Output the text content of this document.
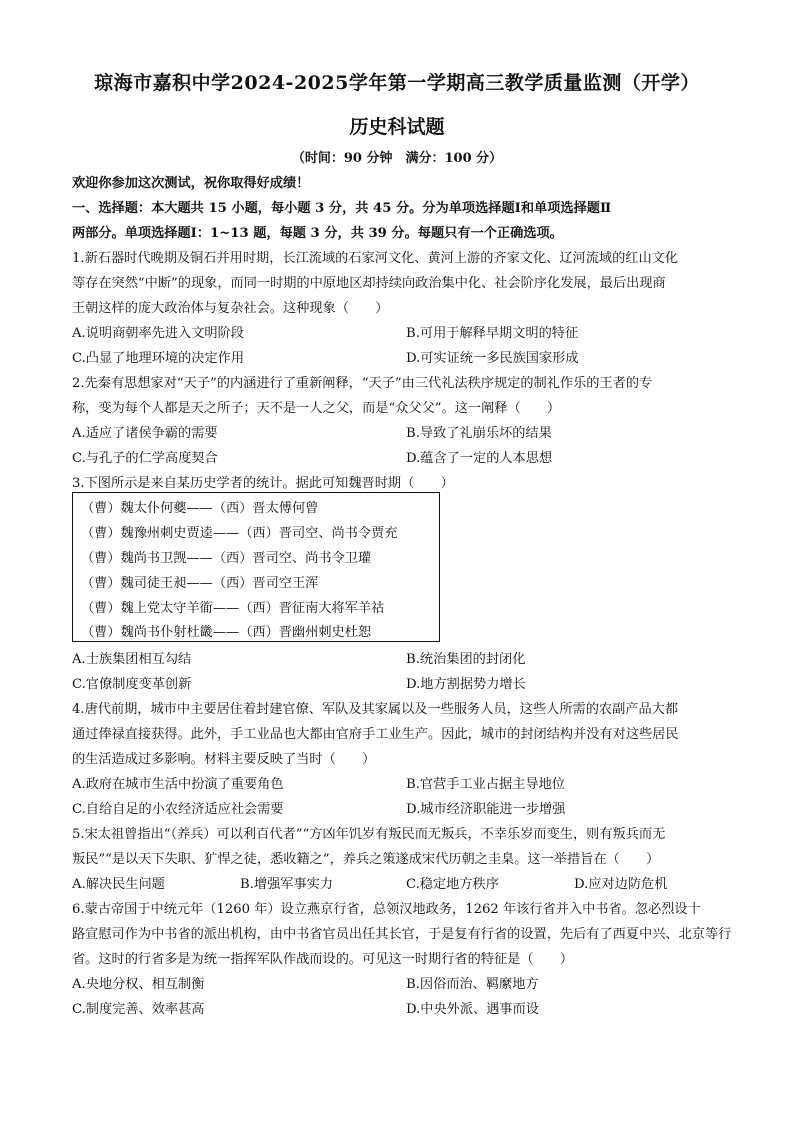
琼海市嘉积中学2024-2025学年第一学期高三教学质量监测（开学）
历史科试题
（时间：90 分钟　满分：100 分）
欢迎你参加这次测试，祝你取得好成绩！
一、选择题：本大题共 15 小题，每小题 3 分，共 45 分。分为单项选择题Ⅰ和单项选择题Ⅱ
两部分。单项选择题Ⅰ：1~13 题，每题 3 分，共 39 分。每题只有一个正确选项。
1.新石器时代晚期及铜石并用时期，长江流域的石家河文化、黄河上游的齐家文化、辽河流域的红山文化
等存在突然“中断”的现象，而同一时期的中原地区却持续向政治集中化、社会阶序化发展，最后出现商
王朝这样的庞大政治体与复杂社会。这种现象（　　）
A.说明商朝率先进入文明阶段	B.可用于解释早期文明的特征
C.凸显了地理环境的决定作用	D.可实证统一多民族国家形成
2.先秦有思想家对“天子”的内涵进行了重新阐释，“天子”由三代礼法秩序规定的制礼作乐的王者的专
称，变为每个人都是天之所子；天不是一人之父，而是“众父父”。这一阐释（　　）
A.适应了诸侯争霸的需要	B.导致了礼崩乐坏的结果
C.与孔子的仁学高度契合	D.蕴含了一定的人本思想
3.下图所示是来自某历史学者的统计。据此可知魏晋时期（　　）
（曹）魏太仆何夔——（西）晋太傅何曾
（曹）魏豫州刺史贾逵——（西）晋司空、尚书令贾充
（曹）魏尚书卫觊——（西）晋司空、尚书令卫瓘
（曹）魏司徒王昶——（西）晋司空王浑
（曹）魏上党太守羊衜——（西）晋征南大将军羊祜
（曹）魏尚书仆射杜畿——（西）晋幽州刺史杜恕
A.士族集团相互勾结	B.统治集团的封闭化
C.官僚制度变革创新	D.地方割据势力增长
4.唐代前期，城市中主要居住着封建官僚、军队及其家属以及一些服务人员，这些人所需的农副产品大都
通过俸禄直接获得。此外，手工业品也大都由官府手工业生产。因此，城市的封闭结构并没有对这些居民
的生活造成过多影响。材料主要反映了当时（　　）
A.政府在城市生活中扮演了重要角色	B.官营手工业占据主导地位
C.自给自足的小农经济适应社会需要	D.城市经济职能进一步增强
5.宋太祖曾指出“（养兵）可以利百代者”“方凶年饥岁有叛民而无叛兵，不幸乐岁而变生，则有叛兵而无
叛民”“是以天下失职、犷悍之徒，悉收籍之”，养兵之策遂成宋代历朝之圭臬。这一举措旨在（　　）
A.解决民生问题	B.增强军事实力	C.稳定地方秩序	D.应对边防危机
6.蒙古帝国于中统元年（1260 年）设立燕京行省，总领汉地政务，1262 年该行省并入中书省。忽必烈设十
路宣慰司作为中书省的派出机构，由中书省官员出任其长官，于是复有行省的设置，先后有了西夏中兴、北京等行
省。这时的行省多是为统一指挥军队作战而设的。可见这一时期行省的特征是（　　）
A.央地分权、相互制衡	B.因俗而治、羁縻地方
C.制度完善、效率甚高	D.中央外派、遇事而设
